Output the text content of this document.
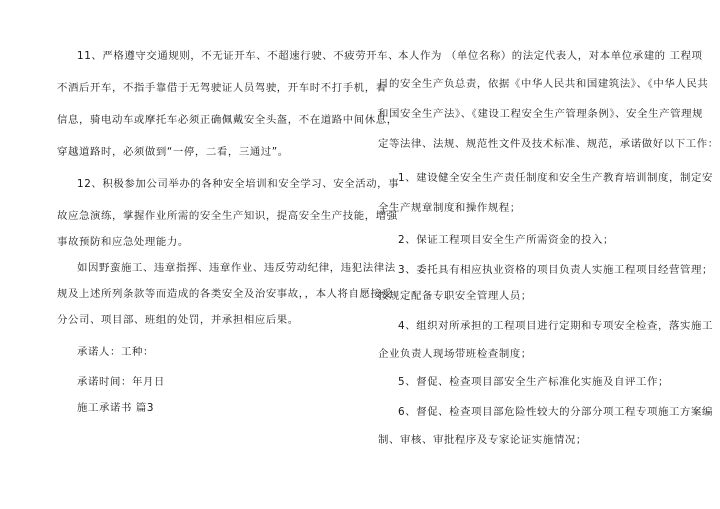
11、严格遵守交通规则，不无证开车、不超速行驶、不疲劳开车、
不酒后开车，不指手靠借于无驾驶证人员驾驶，开车时不打手机，看
信息，骑电动车或摩托车必须正确佩戴安全头盔，不在道路中间休息，
穿越道路时，必须做到“一停，二看，三通过”。
12、积极参加公司举办的各种安全培训和安全学习、安全活动，事
故应急演练，掌握作业所需的安全生产知识，提高安全生产技能，增强
事故预防和应急处理能力。
如因野蛮施工、违章指挥、违章作业、违反劳动纪律，违犯法律法
规及上述所列条款等而造成的各类安全及治安事故，，本人将自愿接受
分公司、项目部、班组的处罚，并承担相应后果。
承诺人：工种：
承诺时间：年月日
施工承诺书 篇3
本人作为 （单位名称）的法定代表人，对本单位承建的 工程项
目的安全生产负总责，依据《中华人民共和国建筑法》、《中华人民共
和国安全生产法》、《建设工程安全生产管理条例》、安全生产管理规
定等法律、法规、规范性文件及技术标准、规范，承诺做好以下工作：
1、建设健全安全生产责任制度和安全生产教育培训制度，制定安
全生产规章制度和操作规程；
2、保证工程项目安全生产所需资金的投入；
3、委托具有相应执业资格的项目负责人实施工程项目经营管理；
按规定配备专职安全管理人员；
4、组织对所承担的工程项目进行定期和专项安全检查，落实施工
企业负责人现场带班检查制度；
5、督促、检查项目部安全生产标准化实施及自评工作；
6、督促、检查项目部危险性较大的分部分项工程专项施工方案编
制、审核、审批程序及专家论证实施情况；
